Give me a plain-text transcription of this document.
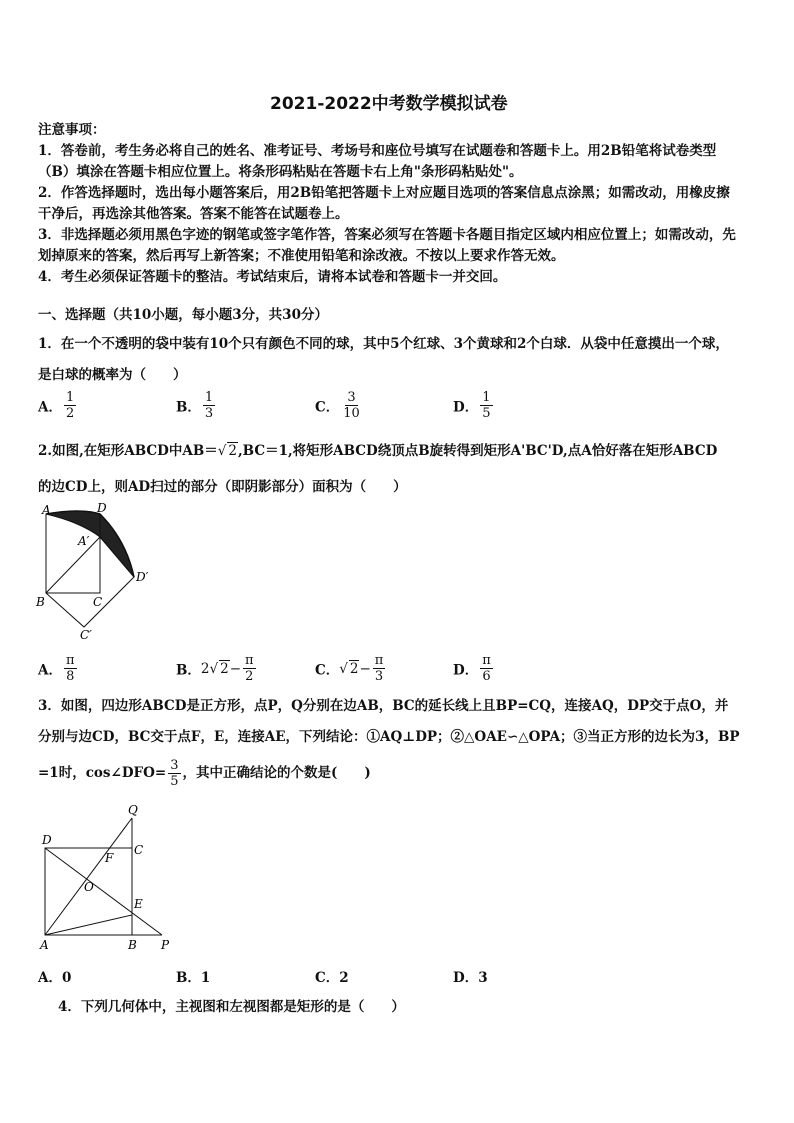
2021-2022中考数学模拟试卷
注意事项：
1．答卷前，考生务必将自己的姓名、准考证号、考场号和座位号填写在试题卷和答题卡上。用2B铅笔将试卷类型
（B）填涂在答题卡相应位置上。将条形码粘贴在答题卡右上角"条形码粘贴处"。
2．作答选择题时，选出每小题答案后，用2B铅笔把答题卡上对应题目选项的答案信息点涂黑；如需改动，用橡皮擦
干净后，再选涂其他答案。答案不能答在试题卷上。
3．非选择题必须用黑色字迹的钢笔或签字笔作答，答案必须写在答题卡各题目指定区域内相应位置上；如需改动，先
划掉原来的答案，然后再写上新答案；不准使用铅笔和涂改液。不按以上要求作答无效。
4．考生必须保证答题卡的整洁。考试结束后，请将本试卷和答题卡一并交回。
一、选择题（共10小题，每小题3分，共30分）
1．在一个不透明的袋中装有10个只有颜色不同的球，其中5个红球、3个黄球和2个白球．从袋中任意摸出一个球，
是白球的概率为（　　）
A． $\frac{1}{2}$	B． $\frac{1}{3}$	C． $\frac{3}{10}$	D． $\frac{1}{5}$
2.如图,在矩形ABCD中AB＝√ 2,BC＝1,将矩形ABCD绕顶点B旋转得到矩形A'BC'D,点A恰好落在矩形ABCD
的边CD上，则AD扫过的部分（即阴影部分）面积为（　　）
A	D
A′
D′
B	C
C′
A． $\frac{\pi}{8}$	B．2√ $2- \frac{\pi}{2}$	C．√ $2- \frac{\pi}{3}$	D． $\frac{\pi}{6}$
3．如图，四边形ABCD是正方形，点P，Q分别在边AB，BC的延长线上且BP=CQ，连接AQ，DP交于点O，并
分别与边CD，BC交于点F，E，连接AE，下列结论：①AQ⊥DP；②△OAE∽△OPA；③当正方形的边长为3，BP
=1时，cos∠DFO= $\frac{3}{5}$ ，其中正确结论的个数是(　　)
Q
D
C
F
O
E
A	B P
A．0	B．1	C．2	D．3
4．下列几何体中，主视图和左视图都是矩形的是（　　）
